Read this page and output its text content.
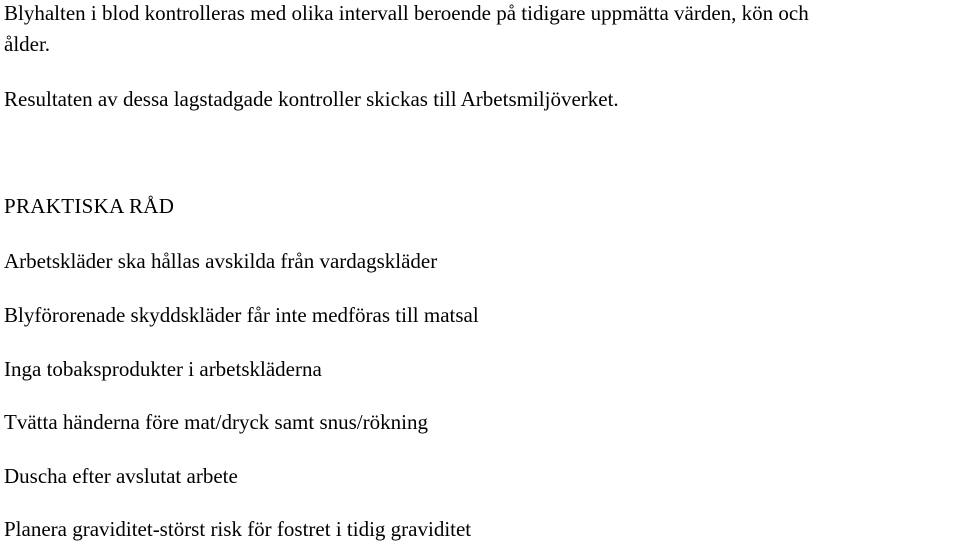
Blyhalten i blod kontrolleras med olika intervall beroende på tidigare uppmätta värden, kön och
ålder.
Resultaten av dessa lagstadgade kontroller skickas till Arbetsmiljöverket.
PRAKTISKA RÅD
Arbetskläder ska hållas avskilda från vardagskläder
Blyförorenade skyddskläder får inte medföras till matsal
Inga tobaksprodukter i arbetskläderna
Tvätta händerna före mat/dryck samt snus/rökning
Duscha efter avslutat arbete
Planera graviditet-störst risk för fostret i tidig graviditet
